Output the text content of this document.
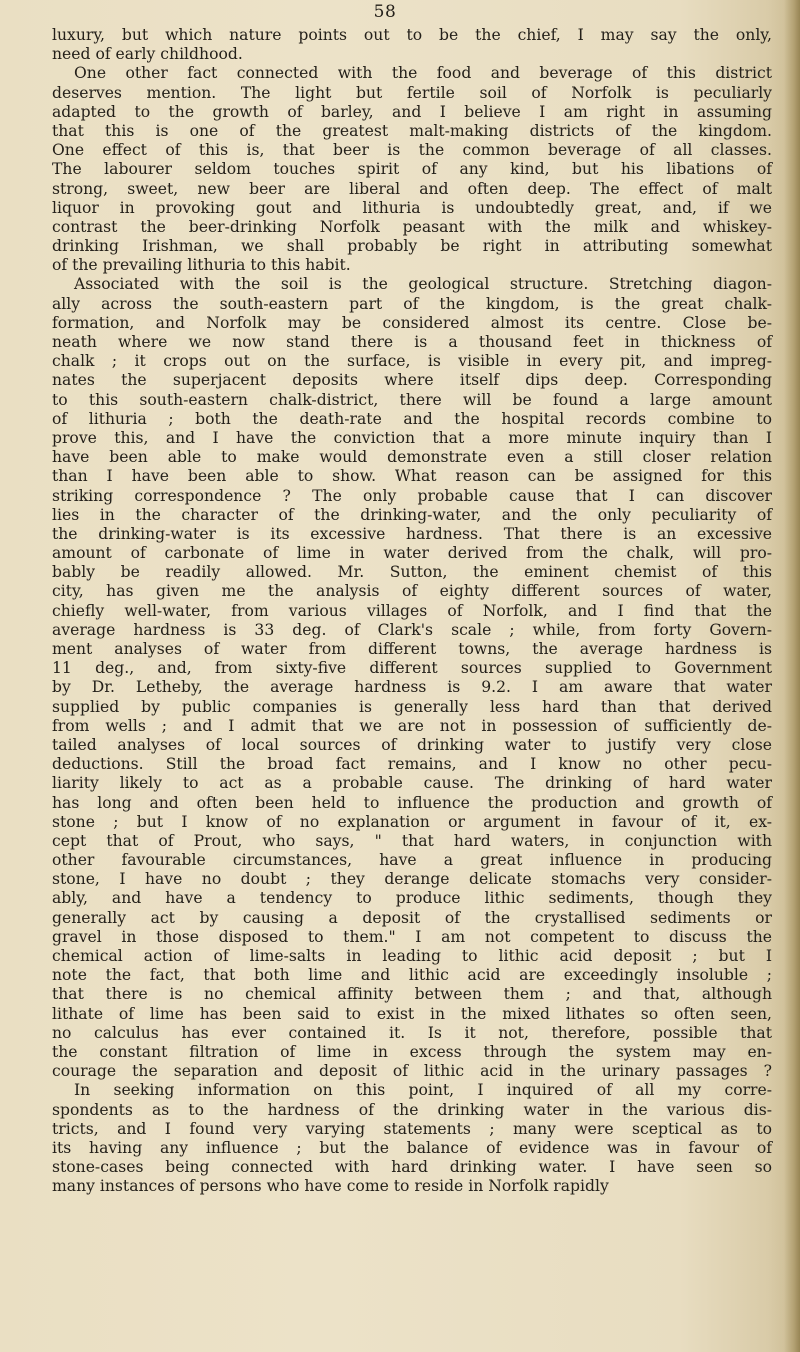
58
luxury, but which nature points out to be the chief, I may say the only,
need of early childhood.
One other fact connected with the food and beverage of this district
deserves mention. The light but fertile soil of Norfolk is peculiarly
adapted to the growth of barley, and I believe I am right in assuming
that this is one of the greatest malt-making districts of the kingdom.
One effect of this is, that beer is the common beverage of all classes.
The labourer seldom touches spirit of any kind, but his libations of
strong, sweet, new beer are liberal and often deep. The effect of malt
liquor in provoking gout and lithuria is undoubtedly great, and, if we
contrast the beer-drinking Norfolk peasant with the milk and whiskey-
drinking Irishman, we shall probably be right in attributing somewhat
of the prevailing lithuria to this habit.
Associated with the soil is the geological structure. Stretching diagon-
ally across the south-eastern part of the kingdom, is the great chalk-
formation, and Norfolk may be considered almost its centre. Close be-
neath where we now stand there is a thousand feet in thickness of
chalk ; it crops out on the surface, is visible in every pit, and impreg-
nates the superjacent deposits where itself dips deep. Corresponding
to this south-eastern chalk-district, there will be found a large amount
of lithuria ; both the death-rate and the hospital records combine to
prove this, and I have the conviction that a more minute inquiry than I
have been able to make would demonstrate even a still closer relation
than I have been able to show. What reason can be assigned for this
striking correspondence ? The only probable cause that I can discover
lies in the character of the drinking-water, and the only peculiarity of
the drinking-water is its excessive hardness. That there is an excessive
amount of carbonate of lime in water derived from the chalk, will pro-
bably be readily allowed. Mr. Sutton, the eminent chemist of this
city, has given me the analysis of eighty different sources of water,
chiefly well-water, from various villages of Norfolk, and I find that the
average hardness is 33 deg. of Clark's scale ; while, from forty Govern-
ment analyses of water from different towns, the average hardness is
11 deg., and, from sixty-five different sources supplied to Government
by Dr. Letheby, the average hardness is 9.2. I am aware that water
supplied by public companies is generally less hard than that derived
from wells ; and I admit that we are not in possession of sufficiently de-
tailed analyses of local sources of drinking water to justify very close
deductions. Still the broad fact remains, and I know no other pecu-
liarity likely to act as a probable cause. The drinking of hard water
has long and often been held to influence the production and growth of
stone ; but I know of no explanation or argument in favour of it, ex-
cept that of Prout, who says, " that hard waters, in conjunction with
other favourable circumstances, have a great influence in producing
stone, I have no doubt ; they derange delicate stomachs very consider-
ably, and have a tendency to produce lithic sediments, though they
generally act by causing a deposit of the crystallised sediments or
gravel in those disposed to them." I am not competent to discuss the
chemical action of lime-salts in leading to lithic acid deposit ; but I
note the fact, that both lime and lithic acid are exceedingly insoluble ;
that there is no chemical affinity between them ; and that, although
lithate of lime has been said to exist in the mixed lithates so often seen,
no calculus has ever contained it. Is it not, therefore, possible that
the constant filtration of lime in excess through the system may en-
courage the separation and deposit of lithic acid in the urinary passages ?
In seeking information on this point, I inquired of all my corre-
spondents as to the hardness of the drinking water in the various dis-
tricts, and I found very varying statements ; many were sceptical as to
its having any influence ; but the balance of evidence was in favour of
stone-cases being connected with hard drinking water. I have seen so
many instances of persons who have come to reside in Norfolk rapidly
